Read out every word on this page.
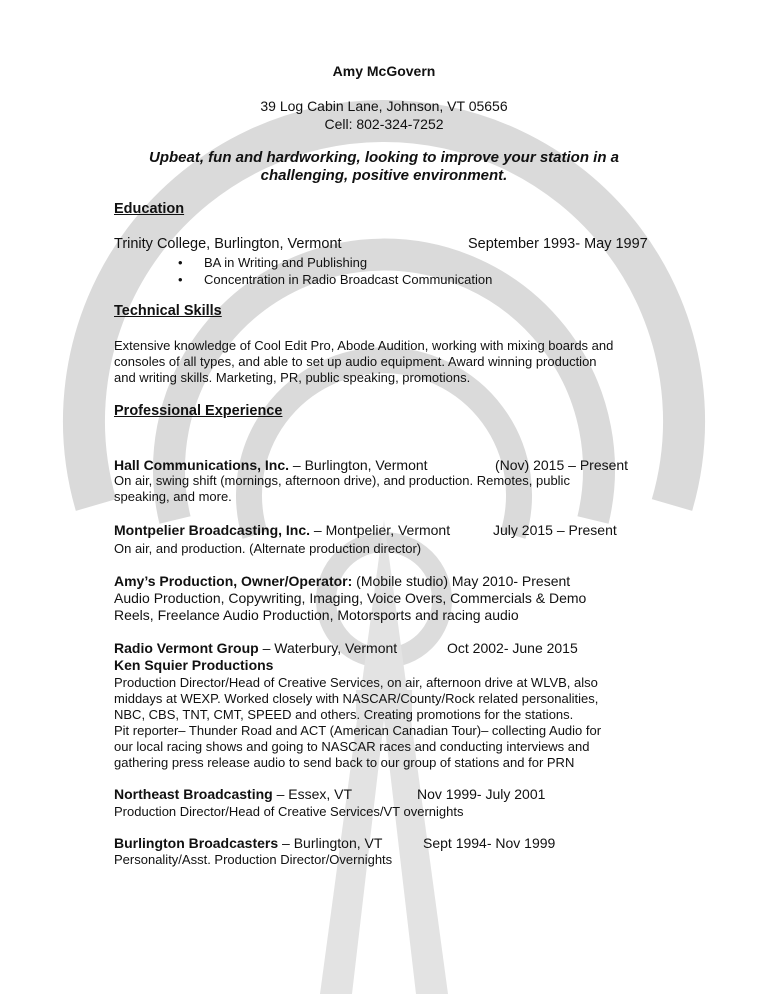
Amy McGovern
39 Log Cabin Lane, Johnson, VT 05656
Cell: 802-324-7252
Upbeat, fun and hardworking, looking to improve your station in a
challenging, positive environment.
Education
Trinity College, Burlington, Vermont	September 1993- May 1997
• BA in Writing and Publishing
• Concentration in Radio Broadcast Communication
Technical Skills
Extensive knowledge of Cool Edit Pro, Abode Audition, working with mixing boards and
consoles of all types, and able to set up audio equipment. Award winning production
and writing skills. Marketing, PR, public speaking, promotions.
Professional Experience
Hall Communications, Inc. – Burlington, Vermont	(Nov) 2015 – Present
On air, swing shift (mornings, afternoon drive), and production. Remotes, public
speaking, and more.
Montpelier Broadcasting, Inc. – Montpelier, Vermont	July 2015 – Present
On air, and production. (Alternate production director)
Amy’s Production, Owner/Operator: (Mobile studio) May 2010- Present
Audio Production, Copywriting, Imaging, Voice Overs, Commercials & Demo
Reels, Freelance Audio Production, Motorsports and racing audio
Radio Vermont Group – Waterbury, Vermont	Oct 2002- June 2015
Ken Squier Productions
Production Director/Head of Creative Services, on air, afternoon drive at WLVB, also
middays at WEXP. Worked closely with NASCAR/County/Rock related personalities,
NBC, CBS, TNT, CMT, SPEED and others. Creating promotions for the stations.
Pit reporter– Thunder Road and ACT (American Canadian Tour)– collecting Audio for
our local racing shows and going to NASCAR races and conducting interviews and
gathering press release audio to send back to our group of stations and for PRN
Northeast Broadcasting – Essex, VT	Nov 1999- July 2001
Production Director/Head of Creative Services/VT overnights
Burlington Broadcasters – Burlington, VT	Sept 1994- Nov 1999
Personality/Asst. Production Director/Overnights
